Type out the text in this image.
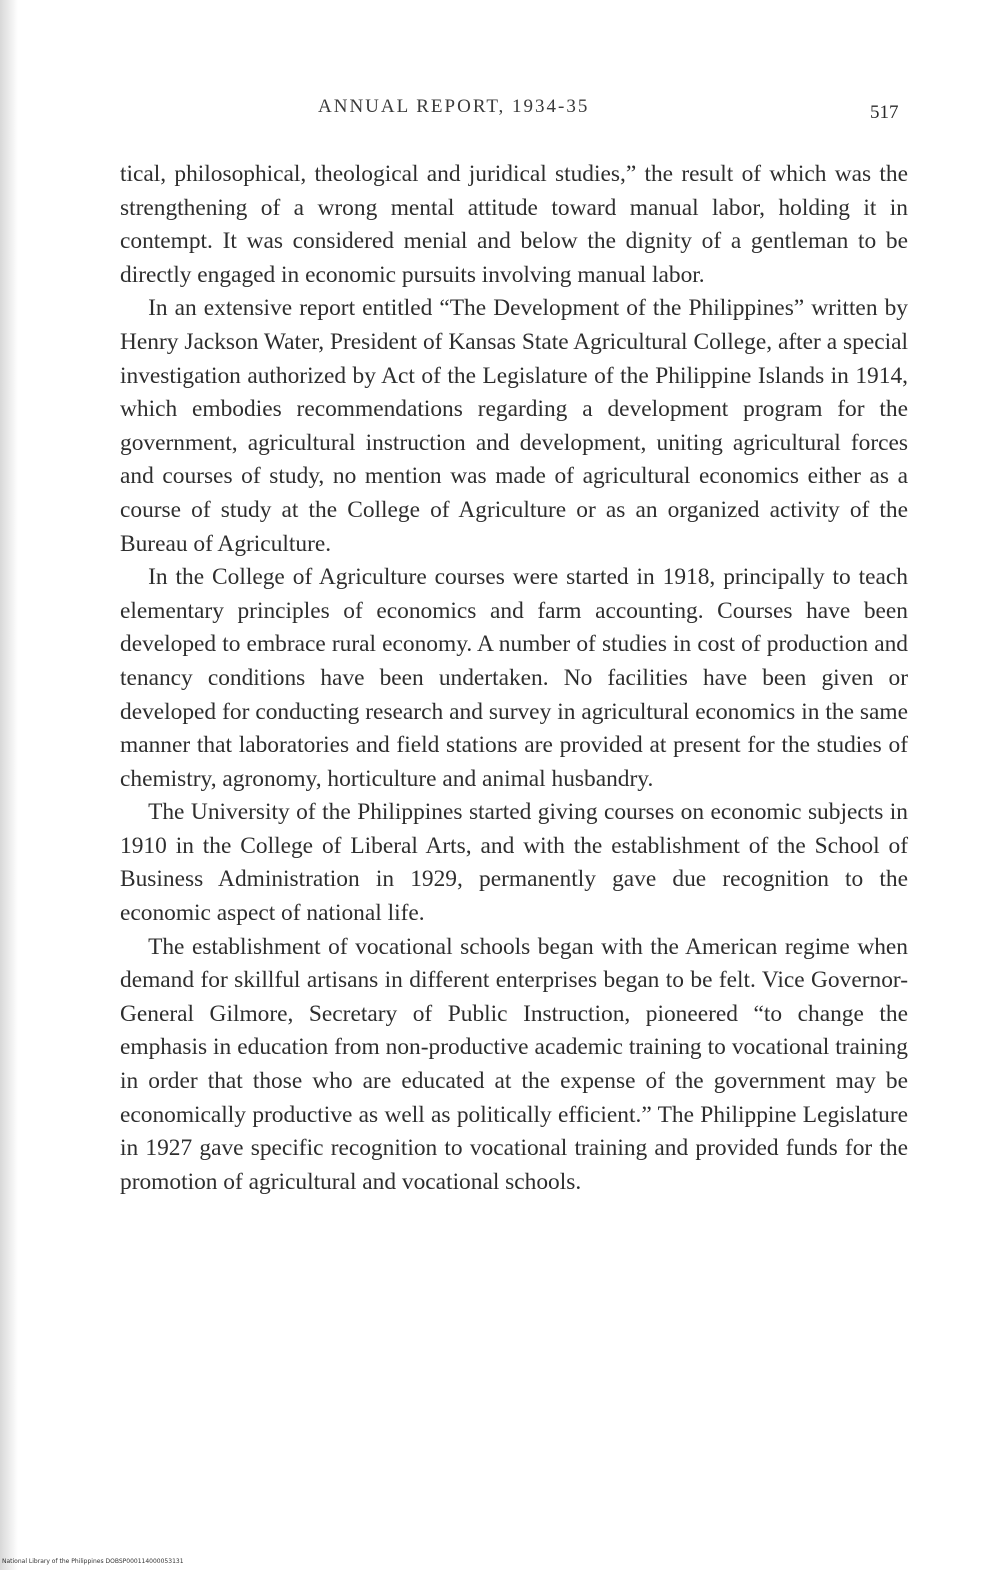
ANNUAL REPORT, 1934-35	517

tical, philosophical, theological and juridical studies,” the result of which was the strengthening of a wrong mental attitude toward manual labor, holding it in contempt. It was considered menial and below the dignity of a gentleman to be directly engaged in economic pursuits involving manual labor.

In an extensive report entitled “The Development of the Philippines” written by Henry Jackson Water, President of Kansas State Agricultural College, after a special investigation authorized by Act of the Legislature of the Philippine Islands in 1914, which embodies recommendations regarding a development program for the government, agricultural instruction and development, uniting agricultural forces and courses of study, no mention was made of agricultural economics either as a course of study at the College of Agriculture or as an organized activity of the Bureau of Agriculture.

In the College of Agriculture courses were started in 1918, principally to teach elementary principles of economics and farm accounting. Courses have been developed to embrace rural economy. A number of studies in cost of production and tenancy conditions have been undertaken. No facilities have been given or developed for conducting research and survey in agricultural economics in the same manner that laboratories and field stations are provided at present for the studies of chemistry, agronomy, horticulture and animal husbandry.

The University of the Philippines started giving courses on economic subjects in 1910 in the College of Liberal Arts, and with the establishment of the School of Business Administration in 1929, permanently gave due recognition to the economic aspect of national life.

The establishment of vocational schools began with the American regime when demand for skillful artisans in different enterprises began to be felt. Vice Governor-General Gilmore, Secretary of Public Instruction, pioneered “to change the emphasis in education from non-productive academic training to vocational training in order that those who are educated at the expense of the government may be economically productive as well as politically efficient.” The Philippine Legislature in 1927 gave specific recognition to vocational training and provided funds for the promotion of agricultural and vocational schools.

National Library of the Philippines DOBSP000114000053131
